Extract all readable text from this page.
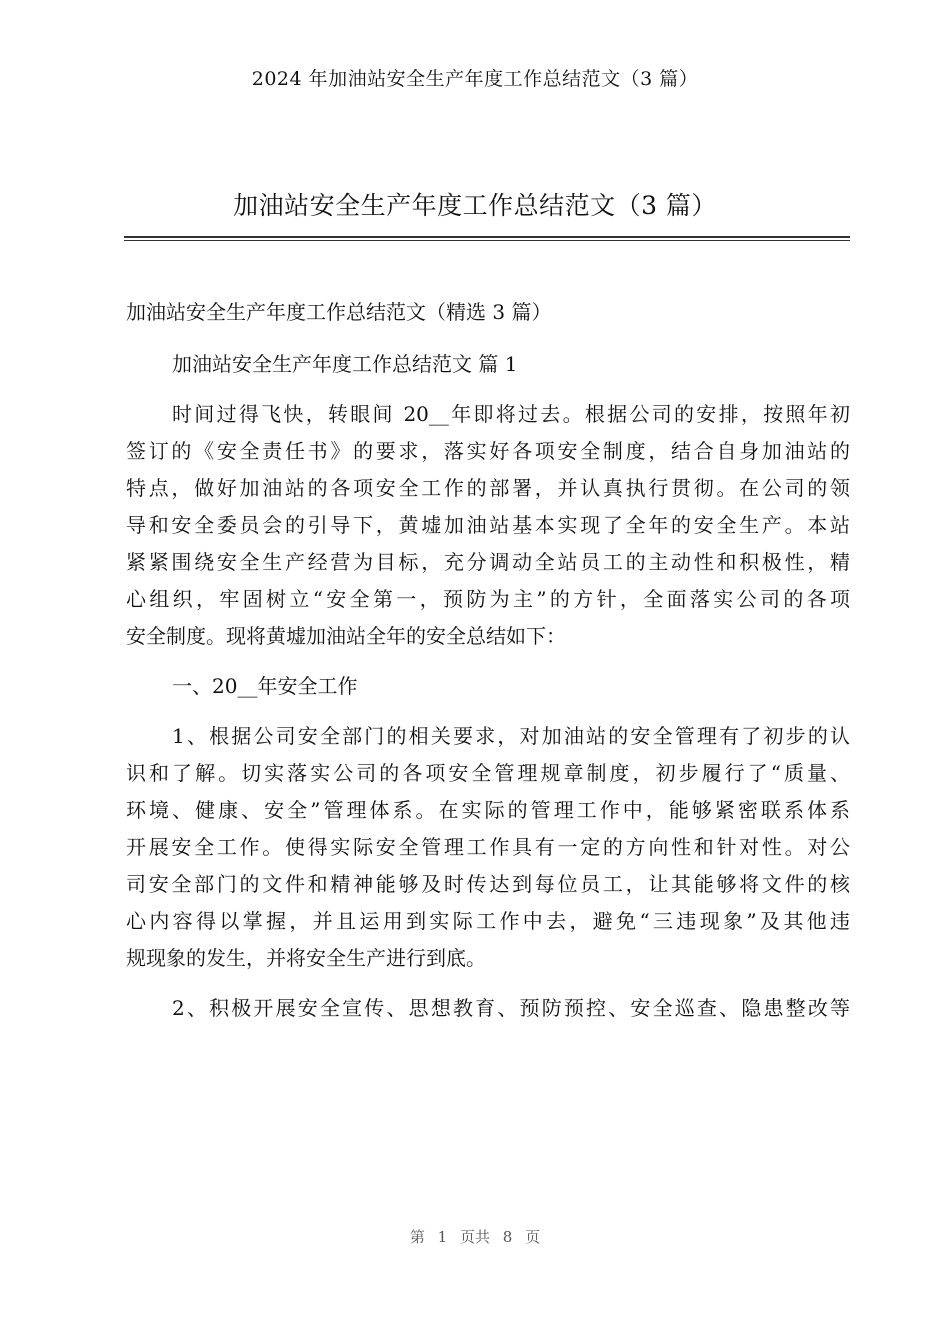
2024 年加油站安全生产年度工作总结范文（3 篇）
加油站安全生产年度工作总结范文（3 篇）
加油站安全生产年度工作总结范文（精选 3 篇）
加油站安全生产年度工作总结范文 篇 1
时间过得飞快，转眼间 20__年即将过去。根据公司的安排，按照年初
签订的《安全责任书》的要求，落实好各项安全制度，结合自身加油站的
特点，做好加油站的各项安全工作的部署，并认真执行贯彻。在公司的领
导和安全委员会的引导下，黄墟加油站基本实现了全年的安全生产。本站
紧紧围绕安全生产经营为目标，充分调动全站员工的主动性和积极性，精
心组织，牢固树立“安全第一，预防为主”的方针，全面落实公司的各项
安全制度。现将黄墟加油站全年的安全总结如下：
一、20__年安全工作
1、根据公司安全部门的相关要求，对加油站的安全管理有了初步的认
识和了解。切实落实公司的各项安全管理规章制度，初步履行了“质量、
环境、健康、安全”管理体系。在实际的管理工作中，能够紧密联系体系
开展安全工作。使得实际安全管理工作具有一定的方向性和针对性。对公
司安全部门的文件和精神能够及时传达到每位员工，让其能够将文件的核
心内容得以掌握，并且运用到实际工作中去，避免“三违现象”及其他违
规现象的发生，并将安全生产进行到底。
2、积极开展安全宣传、思想教育、预防预控、安全巡查、隐患整改等
第 1 页共 8 页
